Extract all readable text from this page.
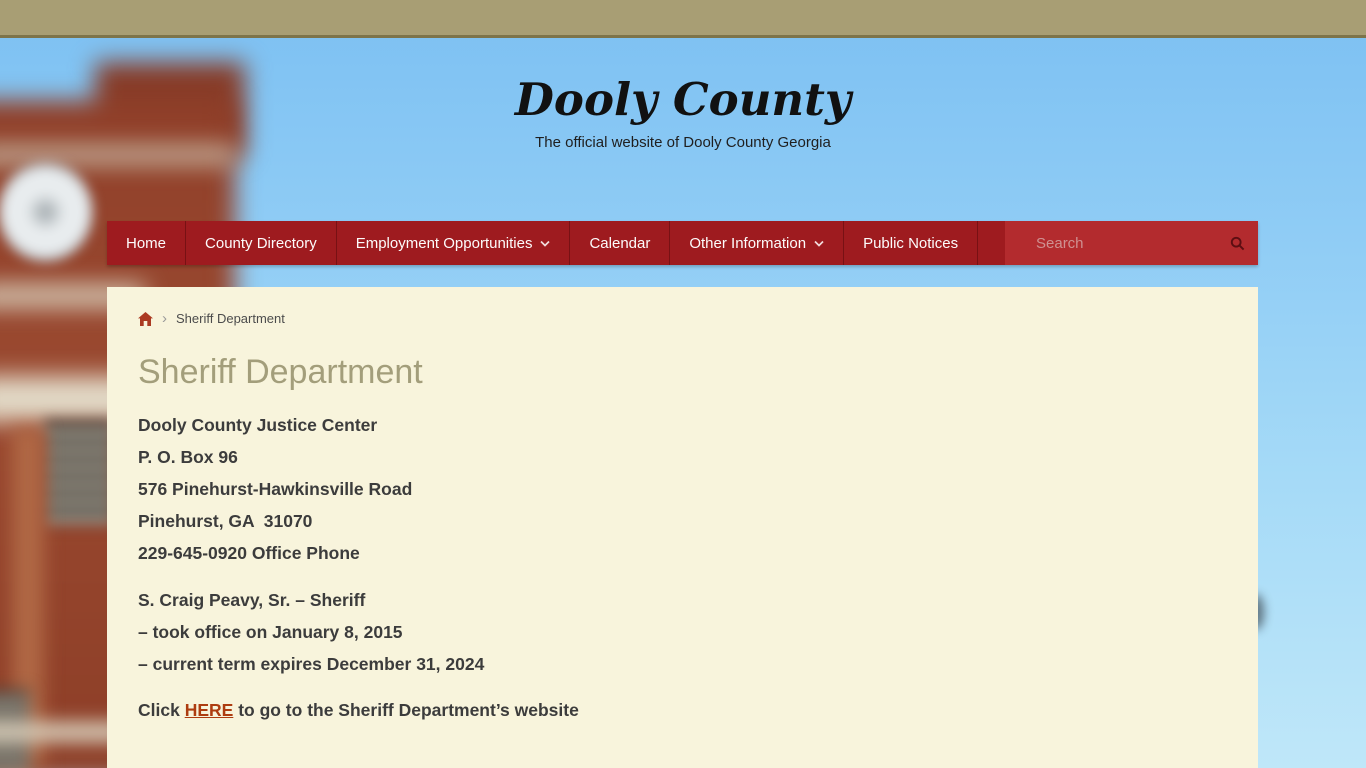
Dooly County
The official website of Dooly County Georgia
Home	County Directory	Employment Opportunities	Calendar	Other Information	Public Notices
Search
› Sheriff Department
Sheriff Department

Dooly County Justice Center
P. O. Box 96
576 Pinehurst-Hawkinsville Road
Pinehurst, GA  31070
229-645-0920 Office Phone

S. Craig Peavy, Sr. – Sheriff
– took office on January 8, 2015
– current term expires December 31, 2024

Click HERE to go to the Sheriff Department’s website
